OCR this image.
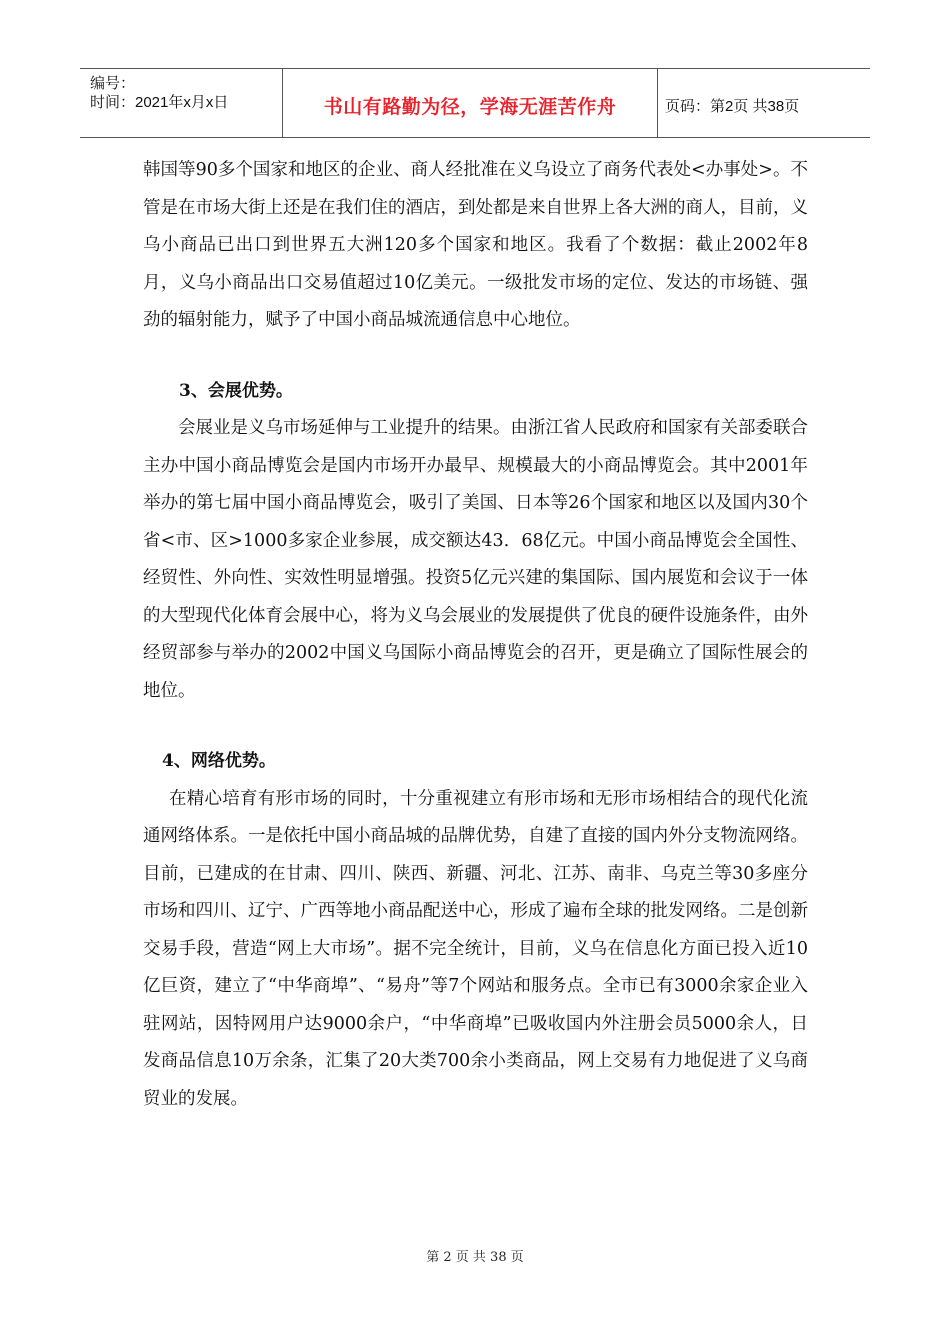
编号：
时间：2021年x月x日	书山有路勤为径，学海无涯苦作舟	页码：第2页 共38页

韩国等90多个国家和地区的企业、商人经批准在义乌设立了商务代表处<办事处>。不管是在市场大街上还是在我们住的酒店，到处都是来自世界上各大洲的商人，目前，义乌小商品已出口到世界五大洲120多个国家和地区。我看了个数据：截止2002年8月，义乌小商品出口交易值超过10亿美元。一级批发市场的定位、发达的市场链、强劲的辐射能力，赋予了中国小商品城流通信息中心地位。

3、会展优势。

会展业是义乌市场延伸与工业提升的结果。由浙江省人民政府和国家有关部委联合主办中国小商品博览会是国内市场开办最早、规模最大的小商品博览会。其中2001年举办的第七届中国小商品博览会，吸引了美国、日本等26个国家和地区以及国内30个省<市、区>1000多家企业参展，成交额达43．68亿元。中国小商品博览会全国性、经贸性、外向性、实效性明显增强。投资5亿元兴建的集国际、国内展览和会议于一体的大型现代化体育会展中心，将为义乌会展业的发展提供了优良的硬件设施条件，由外经贸部参与举办的2002中国义乌国际小商品博览会的召开，更是确立了国际性展会的地位。

4、网络优势。

在精心培育有形市场的同时，十分重视建立有形市场和无形市场相结合的现代化流通网络体系。一是依托中国小商品城的品牌优势，自建了直接的国内外分支物流网络。目前，已建成的在甘肃、四川、陕西、新疆、河北、江苏、南非、乌克兰等30多座分市场和四川、辽宁、广西等地小商品配送中心，形成了遍布全球的批发网络。二是创新交易手段，营造“网上大市场”。据不完全统计，目前，义乌在信息化方面已投入近10亿巨资，建立了“中华商埠”、“易舟”等7个网站和服务点。全市已有3000余家企业入驻网站，因特网用户达9000余户，“中华商埠”已吸收国内外注册会员5000余人，日发商品信息10万余条，汇集了20大类700余小类商品，网上交易有力地促进了义乌商贸业的发展。

第 2 页 共 38 页
